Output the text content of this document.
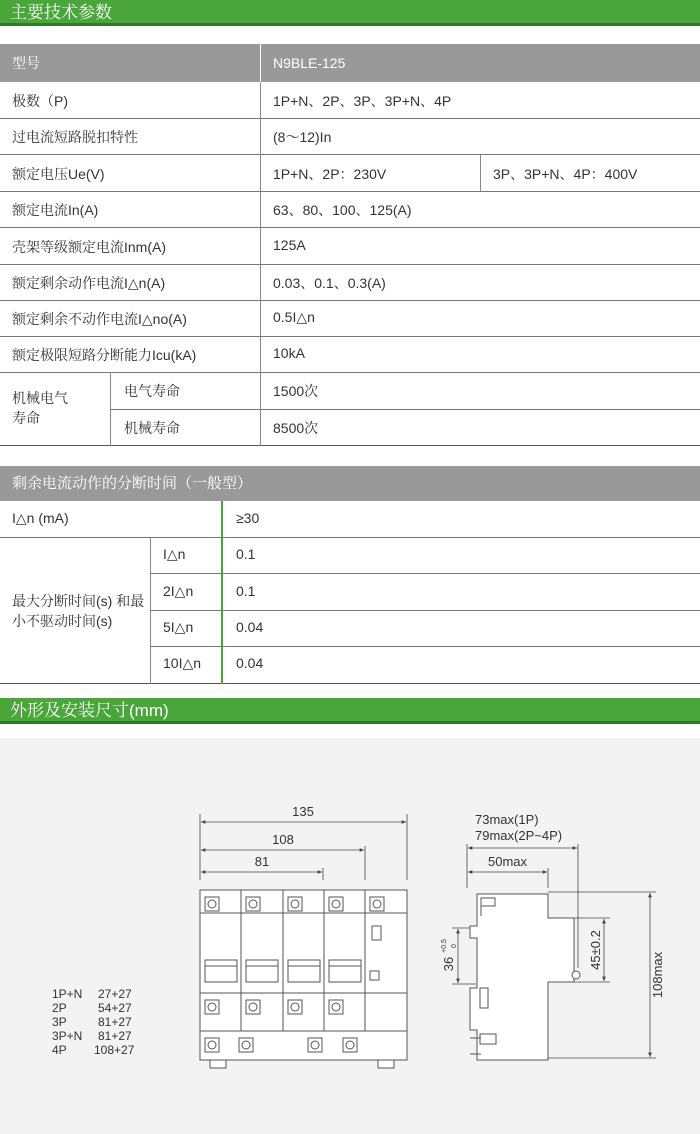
主要技术参数
型号	N9BLE-125
极数（P)	1P+N、2P、3P、3P+N、4P
过电流短路脱扣特性	(8～12)In
额定电压Ue(V)	1P+N、2P：230V	3P、3P+N、4P：400V
额定电流In(A)	63、80、100、125(A)
壳架等级额定电流Inm(A)	125A
额定剩余动作电流I△n(A)	0.03、0.1、0.3(A)
额定剩余不动作电流I△no(A)	0.5I△n
额定极限短路分断能力Icu(kA)	10kA
机械电气寿命
电气寿命	1500次
机械寿命	8500次
剩余电流动作的分断时间（一般型）
I△n (mA)	≥30
最大分断时间(s) 和最小不驱动时间(s)
I△n	0.1
2I△n	0.1
5I△n	0.04
10I△n 0.04
外形及安装尺寸(mm)
135
108
81
1P+N 27+27
2P	54+27
3P	81+27
3P+N 81+27
4P 108+27
73max(1P)
79max(2P~4P)
50max
108max
45±0.2
36
+0.5 0
